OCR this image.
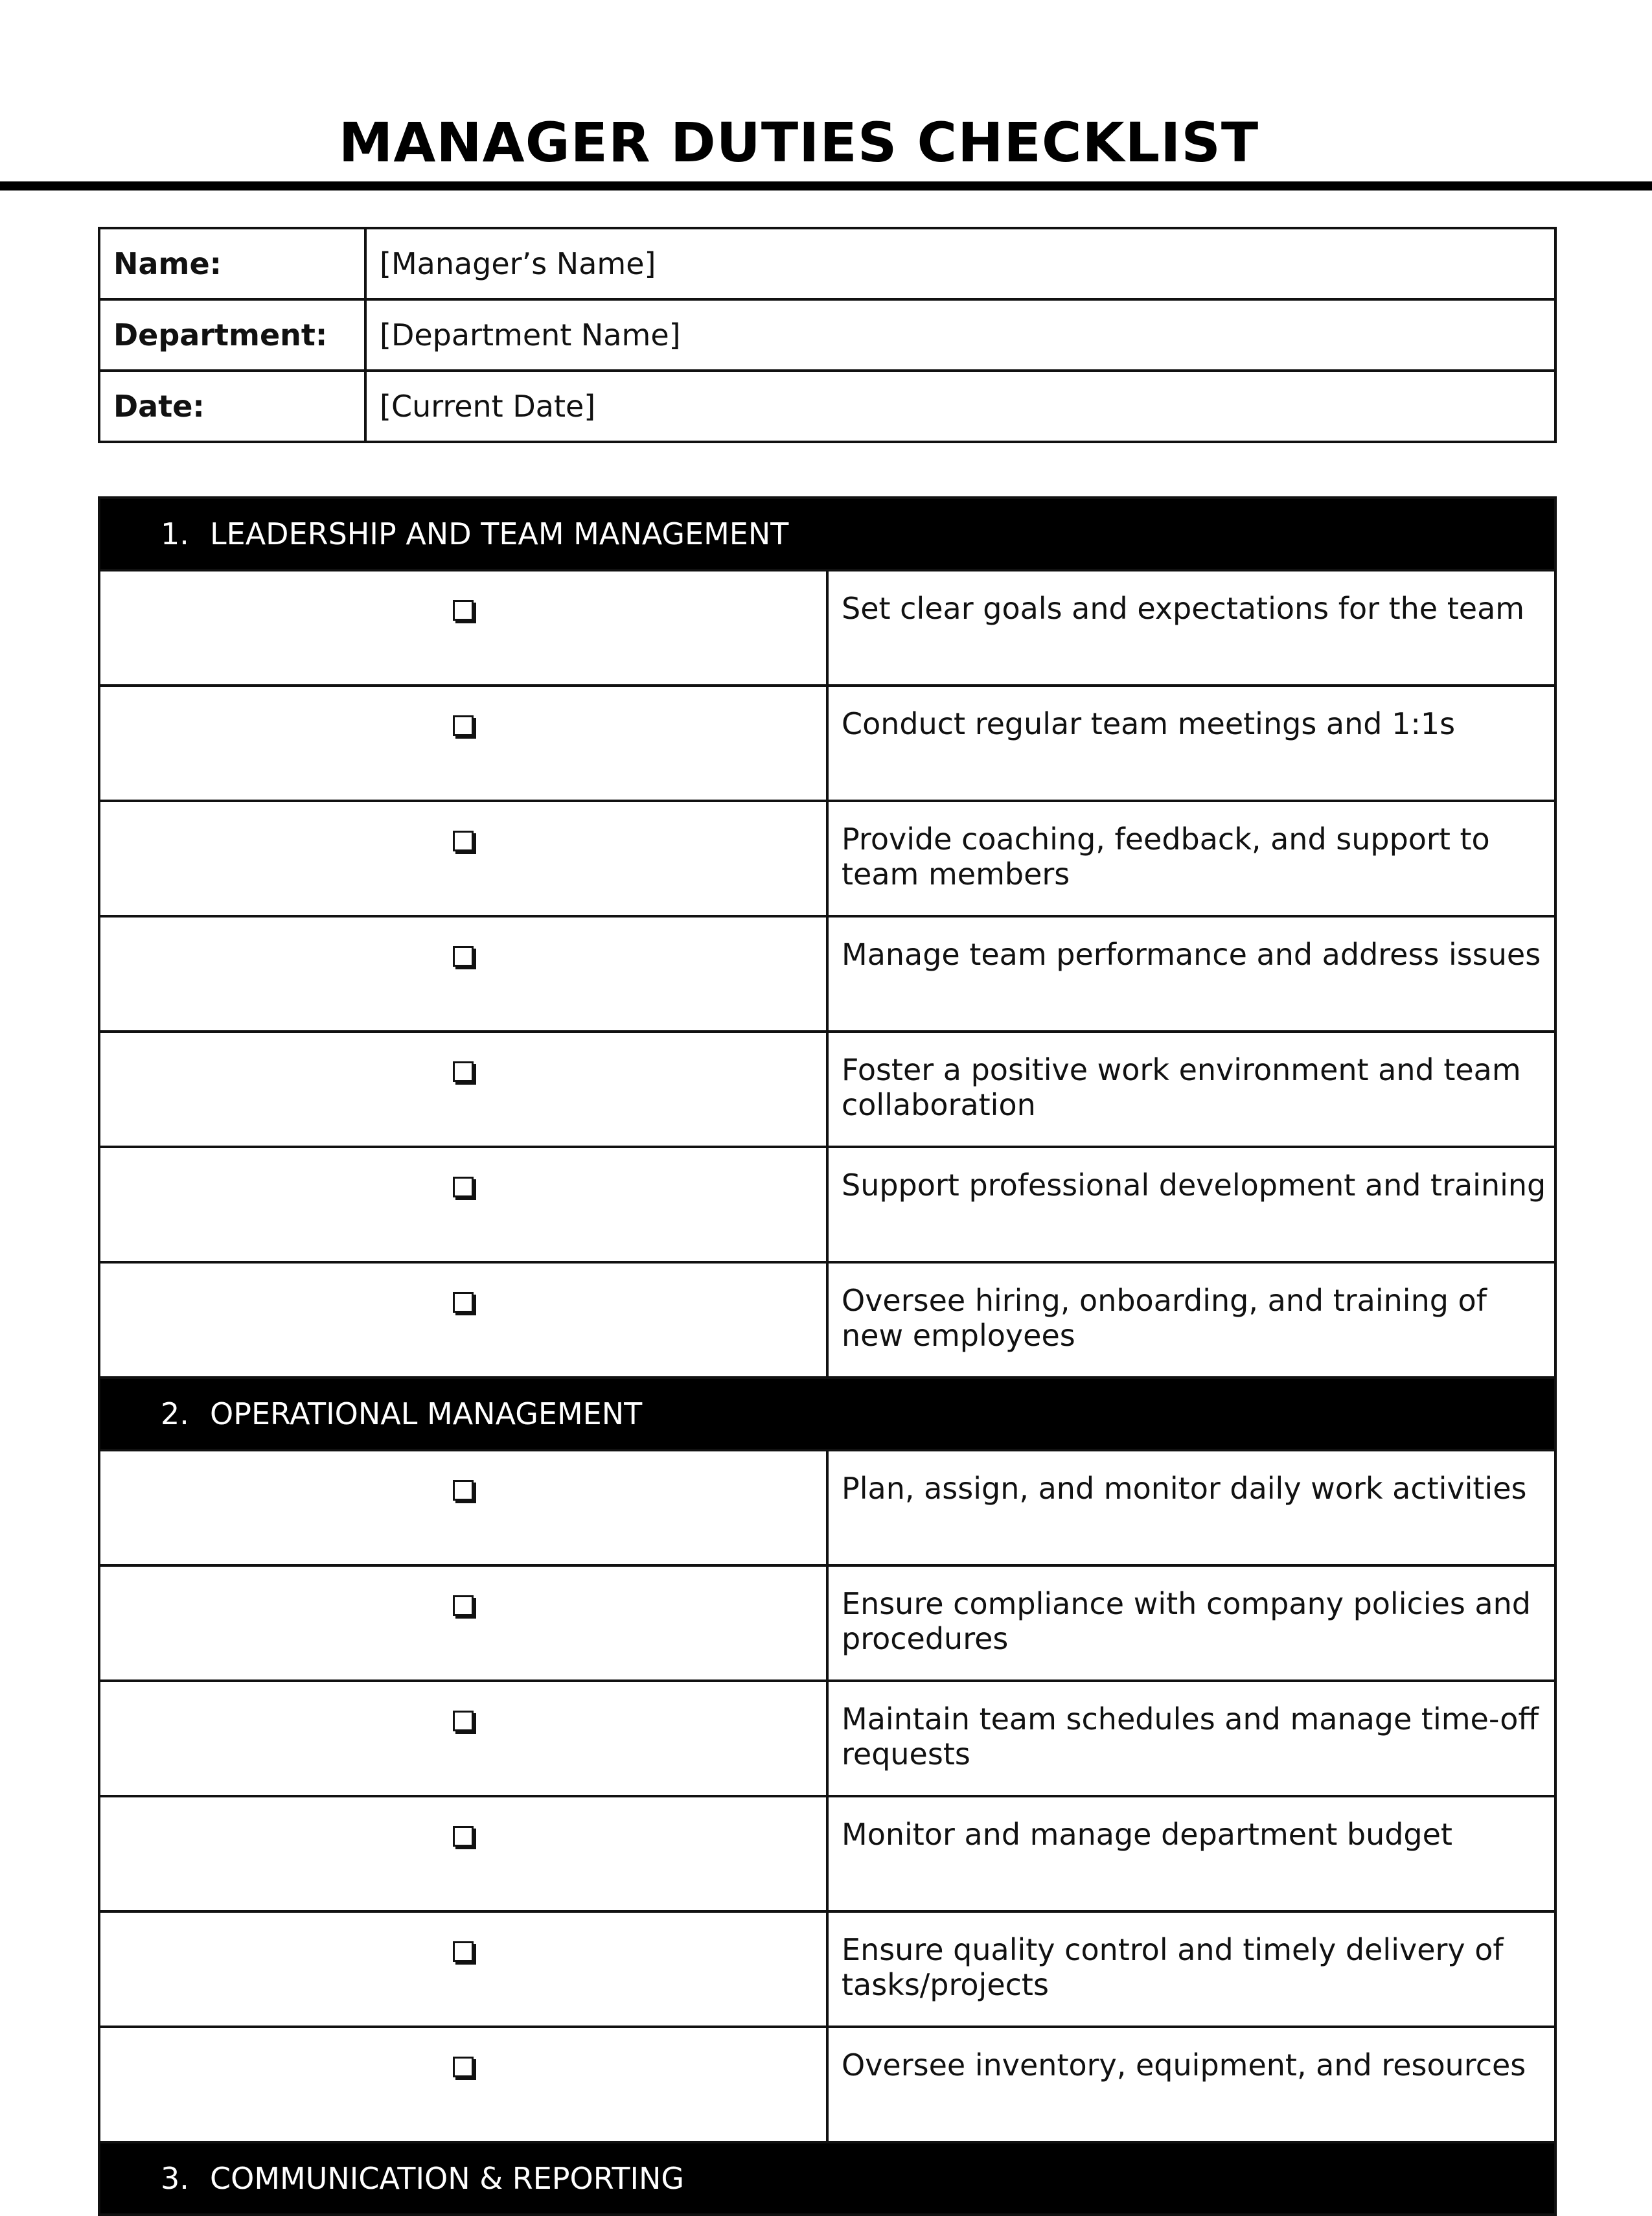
MANAGER DUTIES CHECKLIST
Name:	[Manager’s Name]
Department:	[Department Name]
Date:	[Current Date]
1. LEADERSHIP AND TEAM MANAGEMENT	
	Set clear goals and expectations for the team
	Conduct regular team meetings and 1:1s
	Provide coaching, feedback, and support to team members
	Manage team performance and address issues
	Foster a positive work environment and team collaboration
	Support professional development and training
	Oversee hiring, onboarding, and training of new employees
2. OPERATIONAL MANAGEMENT	
	Plan, assign, and monitor daily work activities
	Ensure compliance with company policies and procedures
	Maintain team schedules and manage time-off requests
	Monitor and manage department budget
	Ensure quality control and timely delivery of tasks/projects
	Oversee inventory, equipment, and resources
3. COMMUNICATION & REPORTING	
